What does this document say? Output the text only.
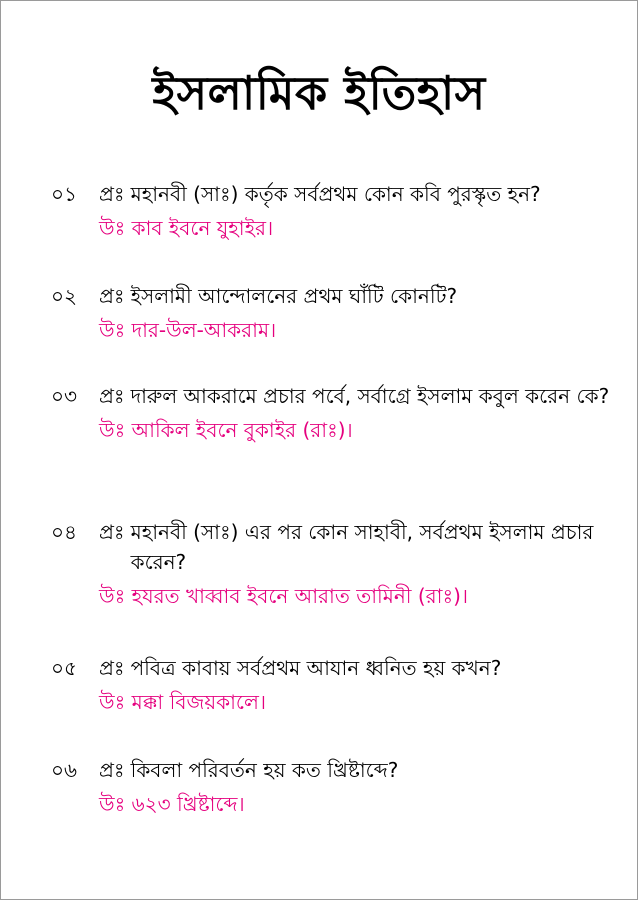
ইসলামিক ইতিহাস
০১	প্রঃ মহানবী (সাঃ) কর্তৃক সর্বপ্রথম কোন কবি পুরস্কৃত হন?
উঃ কাব ইবনে যুহাইর।
০২	প্রঃ ইসলামী আন্দোলনের প্রথম ঘাঁটি কোনটি?
উঃ দার-উল-আকরাম।
০৩	প্রঃ দারুল আকরামে প্রচার পর্বে, সর্বাগ্রে ইসলাম কবুল করেন কে?
উঃ আকিল ইবনে বুকাইর (রাঃ)।
০৪	প্রঃ মহানবী (সাঃ) এর পর কোন সাহাবী, সর্বপ্রথম ইসলাম প্রচার করেন?
উঃ হযরত খাব্বাব ইবনে আরাত তামিনী (রাঃ)।
০৫	প্রঃ পবিত্র কাবায় সর্বপ্রথম আযান ধ্বনিত হয় কখন?
উঃ মক্কা বিজয়কালে।
০৬	প্রঃ কিবলা পরিবর্তন হয় কত খ্রিষ্টাব্দে?
উঃ ৬২৩ খ্রিষ্টাব্দে।
